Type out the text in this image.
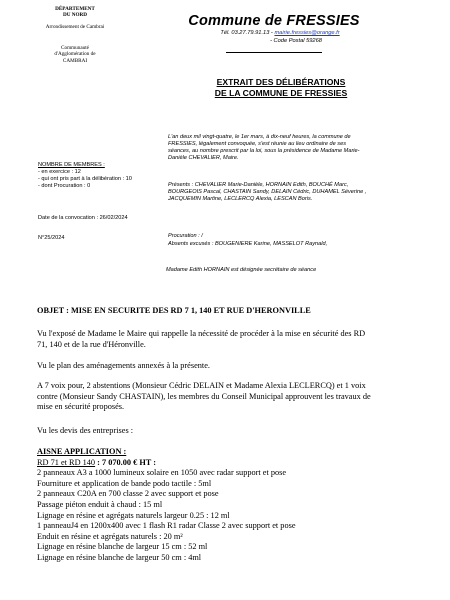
DÉPARTEMENT
DU NORD
Arrondissement de Cambrai
Communauté
d'Agglomération de
CAMBRAI
Commune de FRESSIES
Tél. 03.27.79.91.13 - mairie.fressies@orange.fr
- Code Postal 59268
EXTRAIT DES DÉLIBÉRATIONS
DE LA COMMUNE DE FRESSIES
L'an deux mil vingt-quatre, le 1er mars, à dix-neuf heures, la commune de
FRESSIES, légalement convoquée, s'est réunie au lieu ordinaire de ses
séances, au nombre prescrit par la loi, sous la présidence de Madame Marie-
Danièle CHEVALIER, Maire.
NOMBRE DE MEMBRES :
- en exercice : 12
- qui ont pris part à la délibération : 10
- dont Procuration : 0	Présents : CHEVALIER Marie-Danièle, HORNAIN Edith, BOUCHÉ Marc,
BOURGEOIS Pascal, CHASTAIN Sandy, DELAIN Cédric, DUHAMEL Séverine ,
JACQUEMIN Martine, LECLERCQ Alexia, LESCAN Boris.
Date de la convocation : 26/02/2024
N°25/2024	Procuration : /
Absents excusés : BOUGENIERE Karine, MASSELOT Raynald,
Madame Edith HORNAIN est désignée secrétaire de séance
OBJET : MISE EN SECURITE DES RD 7 1, 140 ET RUE D'HERONVILLE
Vu l'exposé de Madame le Maire qui rappelle la nécessité de procéder à la mise en sécurité des RD
71, 140 et de la rue d'Héronville.
Vu le plan des aménagements annexés à la présente.
A 7 voix pour, 2 abstentions (Monsieur Cédric DELAIN et Madame Alexia LECLERCQ) et 1 voix
contre (Monsieur Sandy CHASTAIN), les membres du Conseil Municipal approuvent les travaux de
mise en sécurité proposés.
Vu les devis des entreprises :
AISNE APPLICATION :
RD 71 et RD 140 : 7 070.00 € HT :
2 panneaux A3 a 1000 lumineux solaire en 1050 avec radar support et pose
Fourniture et application de bande podo tactile : 5ml
2 panneaux C20A en 700 classe 2 avec support et pose
Passage piéton enduit à chaud : 15 ml
Lignage en résine et agrégats naturels largeur 0.25 : 12 ml
1 panneauJ4 en 1200x400 avec 1 flash R1 radar Classe 2 avec support et pose
Enduit en résine et agrégats naturels : 20 m²
Lignage en résine blanche de largeur 15 cm : 52 ml
Lignage en résine blanche de largeur 50 cm : 4ml
